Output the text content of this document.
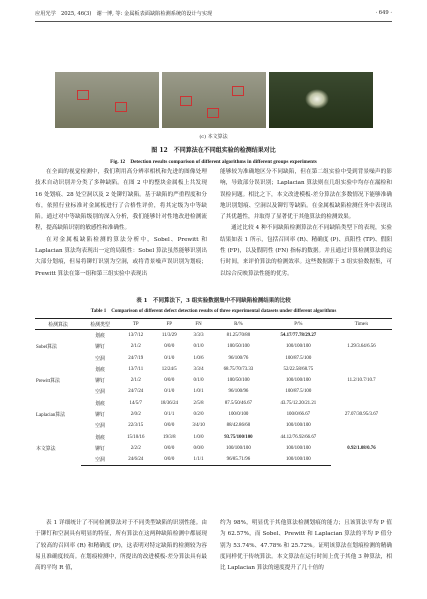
应用光学　2025, 46(3)　谢一博, 等: 金属板表面缺陷检测系统的设计与实现	· 649 ·
(c) 本文算法
图 12　不同算法在不同组实验的检测结果对比
Fig. 12　Detection results comparison of different algorithms in different groups experiments

在全面的视觉检测中，我们利用高分辨率相机和先进的图像处理技术自动识别并分类了多种缺陷。在图 2 中的整块金属板上共发现 16 处划痕、28 处空洞以及 2 处铆钉缺陷。基于缺陷的严重程度和分布，依照行业标准对金属板进行了合格性评价，将其定级为中等缺陷。通过对中等缺陷级别的深入分析，我们能够针对性地改进检测流程，提高缺陷识别的敏感性和准确性。

在对金属板缺陷检测的算法分析中，Sobel、Prewitt 和 Laplacian 算法均表现出一定的局限性：Sobel 算法虽然能够识别出大部分划痕，但易将铆钉识别为空洞，或将背景噪声误识别为划痕；Prewitt 算法在第一组和第三组实验中表现出

能够较为准确地区分不同缺陷，但在第二组实验中受到背景噪声的影响，导致部分误识别；Laplacian 算法则在几组实验中均存在漏检和误检问题。相比之下，本文改进模板-差分算法在多数情况下能够准确地识别划痕、空洞以及铆钉等缺陷。在金属板缺陷检测任务中表现出了其优越性，并取得了显著优于其他算法的检测效果。

通过比较 4 种不同缺陷检测算法在不同缺陷类型下的表现，实验结果如表 1 所示，包括召回率 (R)、精确度 (P)、真阳性 (TP)、假阳性 (FP)，以及假阴性 (FN) 指标的数据。并且通过计算检测算法的运行时间，来评价算法的检测效率。这些数据源于 3 组实验数据集，可以综合反映算法性能的优劣。

表 1　不同算法下，3 组实验数据集中不同缺陷检测结果的比较
Table 1　Comparison of different defect detection results of three experimental datasets under different algorithms
检测算法	检测类型	TP	FP	FN	R/%	P/%	Time/s
Sobel算法	划痕	13/7/12	11/3/29	3/3/3	81.25/70/80	54.17/77.78/29.27	1.29/3.64/6.56
	铆钉	2/1/2	0/0/0	0/1/0	100/50/100	100/100/100	
	空洞	24/7/19	0/1/0	1/0/6	96/100/76	100/87.5/100	
Prewitt算法	划痕	13/7/11	12/24/5	3/3/4	68.75/70/73.33	52/22.58/68.75	11.2/10.7/10.7
	铆钉	2/1/2	0/0/0	0/1/0	100/50/100	100/100/100	
	空洞	24/7/24	0/1/0	1/0/1	96/100/96	100/87.5/100	
Laplacian算法	划痕	14/5/7	18/36/24	2/5/8	87.5/50/46.67	43.75/12.20/21.21	27.07/30.95/3.67
	铆钉	2/0/2	0/1/1	0/2/0	100/0/100	100/0/66.67	
	空洞	22/3/15	0/0/0	3/4/10	88/42.86/60	100/100/100	
本文算法	划痕	15/10/16	19/3/8	1/0/0	93.75/100/100	44.12/76.92/66.67	0.92/1.08/0.76
	铆钉	2/2/2	0/0/0	0/0/0	100/100/100	100/100/100	
	空洞	24/6/24	0/0/0	1/1/1	96/85.71/96	100/100/100	

表 1 详细统计了不同检测算法对于不同类型缺陷的识别性能。由于铆钉和空洞具有明显的特征，所有算法在这两种缺陷检测中都展现了较高的召回率 (R) 和精确度 (P)，这表明对特定缺陷的检测较为容易且准确度较高。在划痕检测中，所提出的改进模板-差分算法具有最高的平均 R 值，

约为 98%，明显优于其他算法检测划痕的能力；且该算法平均 P 值为 62.57%，而 Sobel、Prewitt 和 Laplacian 算法的平均 P 值分别为 53.74%、47.78% 和 25.72%。证明该算法在划痕检测的精确度同样优于传统算法。本文算法在运行时间上优于其他 3 种算法，相比 Laplacian 算法的速度提升了几十倍的
